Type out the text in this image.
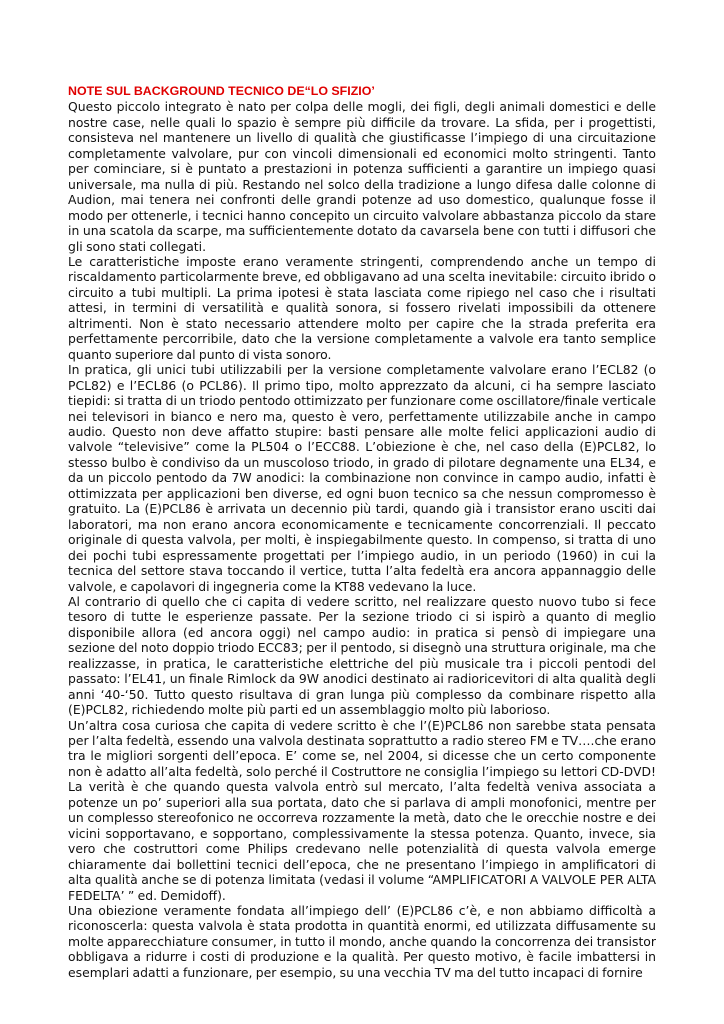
NOTE SUL BACKGROUND TECNICO DE“LO SFIZIO’

Questo piccolo integrato è nato per colpa delle mogli, dei figli, degli animali domestici e delle nostre case, nelle quali lo spazio è sempre più difficile da trovare. La sfida, per i progettisti, consisteva nel mantenere un livello di qualità che giustificasse l’impiego di una circuitazione completamente valvolare, pur con vincoli dimensionali ed economici molto stringenti. Tanto per cominciare, si è puntato a prestazioni in potenza sufficienti a garantire un impiego quasi universale, ma nulla di più. Restando nel solco della tradizione a lungo difesa dalle colonne di Audion, mai tenera nei confronti delle grandi potenze ad uso domestico, qualunque fosse il modo per ottenerle, i tecnici hanno concepito un circuito valvolare abbastanza piccolo da stare in una scatola da scarpe, ma sufficientemente dotato da cavarsela bene con tutti i diffusori che gli sono stati collegati.

Le caratteristiche imposte erano veramente stringenti, comprendendo anche un tempo di riscaldamento particolarmente breve, ed obbligavano ad una scelta inevitabile: circuito ibrido o circuito a tubi multipli. La prima ipotesi è stata lasciata come ripiego nel caso che i risultati attesi, in termini di versatilità e qualità sonora, si fossero rivelati impossibili da ottenere altrimenti. Non è stato necessario attendere molto per capire che la strada preferita era perfettamente percorribile, dato che la versione completamente a valvole era tanto semplice quanto superiore dal punto di vista sonoro.

In pratica, gli unici tubi utilizzabili per la versione completamente valvolare erano l’ECL82 (o PCL82) e l’ECL86 (o PCL86). Il primo tipo, molto apprezzato da alcuni, ci ha sempre lasciato tiepidi: si tratta di un triodo pentodo ottimizzato per funzionare come oscillatore/finale verticale nei televisori in bianco e nero ma, questo è vero, perfettamente utilizzabile anche in campo audio. Questo non deve affatto stupire: basti pensare alle molte felici applicazioni audio di valvole “televisive” come la PL504 o l’ECC88. L’obiezione è che, nel caso della (E)PCL82, lo stesso bulbo è condiviso da un muscoloso triodo, in grado di pilotare degnamente una EL34, e da un piccolo pentodo da 7W anodici: la combinazione non convince in campo audio, infatti è ottimizzata per applicazioni ben diverse, ed ogni buon tecnico sa che nessun compromesso è gratuito. La (E)PCL86 è arrivata un decennio più tardi, quando già i transistor erano usciti dai laboratori, ma non erano ancora economicamente e tecnicamente concorrenziali. Il peccato originale di questa valvola, per molti, è inspiegabilmente questo. In compenso, si tratta di uno dei pochi tubi espressamente progettati per l’impiego audio, in un periodo (1960) in cui la tecnica del settore stava toccando il vertice, tutta l’alta fedeltà era ancora appannaggio delle valvole, e capolavori di ingegneria come la KT88 vedevano la luce.

Al contrario di quello che ci capita di vedere scritto, nel realizzare questo nuovo tubo si fece tesoro di tutte le esperienze passate. Per la sezione triodo ci si ispirò a quanto di meglio disponibile allora (ed ancora oggi) nel campo audio: in pratica si pensò di impiegare una sezione del noto doppio triodo ECC83; per il pentodo, si disegnò una struttura originale, ma che realizzasse, in pratica, le caratteristiche elettriche del più musicale tra i piccoli pentodi del passato: l’EL41, un finale Rimlock da 9W anodici destinato ai radioricevitori di alta qualità degli anni ‘40-‘50. Tutto questo risultava di gran lunga più complesso da combinare rispetto alla (E)PCL82, richiedendo molte più parti ed un assemblaggio molto più laborioso.

Un’altra cosa curiosa che capita di vedere scritto è che l’(E)PCL86 non sarebbe stata pensata per l’alta fedeltà, essendo una valvola destinata soprattutto a radio stereo FM e TV….che erano tra le migliori sorgenti dell’epoca. E’ come se, nel 2004, si dicesse che un certo componente non è adatto all’alta fedeltà, solo perché il Costruttore ne consiglia l’impiego su lettori CD-DVD! La verità è che quando questa valvola entrò sul mercato, l’alta fedeltà veniva associata a potenze un po’ superiori alla sua portata, dato che si parlava di ampli monofonici, mentre per un complesso stereofonico ne occorreva rozzamente la metà, dato che le orecchie nostre e dei vicini sopportavano, e sopportano, complessivamente la stessa potenza. Quanto, invece, sia vero che costruttori come Philips credevano nelle potenzialità di questa valvola emerge chiaramente dai bollettini tecnici dell’epoca, che ne presentano l’impiego in amplificatori di alta qualità anche se di potenza limitata (vedasi il volume “AMPLIFICATORI A VALVOLE PER ALTA FEDELTA’ ” ed. Demidoff).

Una obiezione veramente fondata all’impiego dell’ (E)PCL86 c’è, e non abbiamo difficoltà a riconoscerla: questa valvola è stata prodotta in quantità enormi, ed utilizzata diffusamente su molte apparecchiature consumer, in tutto il mondo, anche quando la concorrenza dei transistor obbligava a ridurre i costi di produzione e la qualità. Per questo motivo, è facile imbattersi in esemplari adatti a funzionare, per esempio, su una vecchia TV ma del tutto incapaci di fornire
